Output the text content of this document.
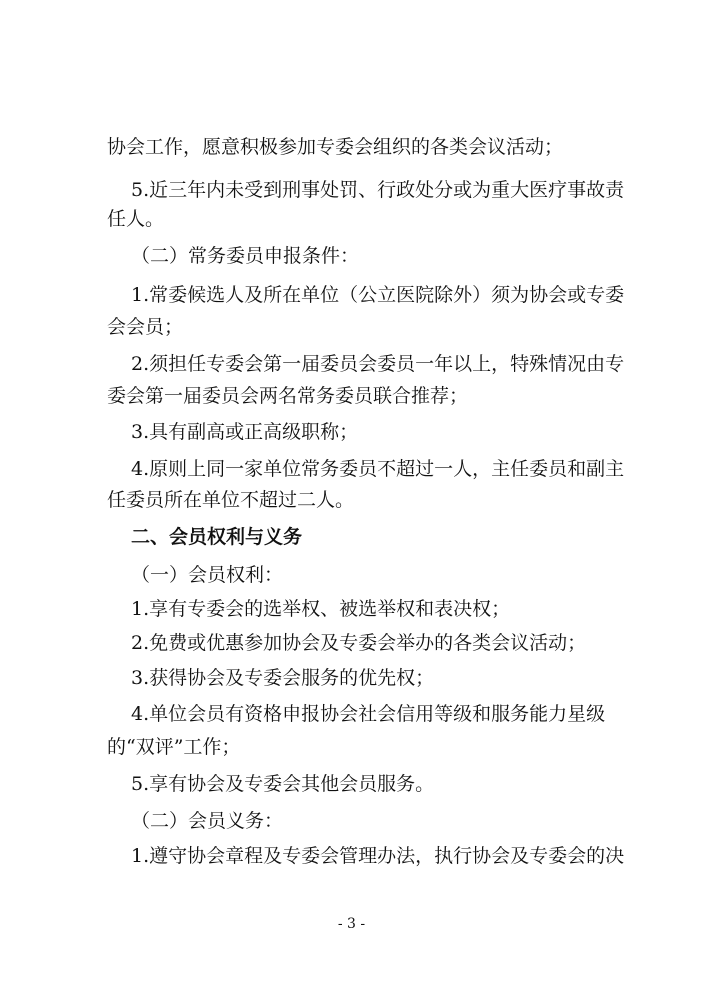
协会工作，愿意积极参加专委会组织的各类会议活动；
5.近三年内未受到刑事处罚、行政处分或为重大医疗事故责
任人。
（二）常务委员申报条件：
1.常委候选人及所在单位（公立医院除外）须为协会或专委
会会员；
2.须担任专委会第一届委员会委员一年以上，特殊情况由专
委会第一届委员会两名常务委员联合推荐；
3.具有副高或正高级职称；
4.原则上同一家单位常务委员不超过一人，主任委员和副主
任委员所在单位不超过二人。
二、会员权利与义务
（一）会员权利：
1.享有专委会的选举权、被选举权和表决权；
2.免费或优惠参加协会及专委会举办的各类会议活动；
3.获得协会及专委会服务的优先权；
4.单位会员有资格申报协会社会信用等级和服务能力星级
的“双评”工作；
5.享有协会及专委会其他会员服务。
（二）会员义务：
1.遵守协会章程及专委会管理办法，执行协会及专委会的决
- 3 -
